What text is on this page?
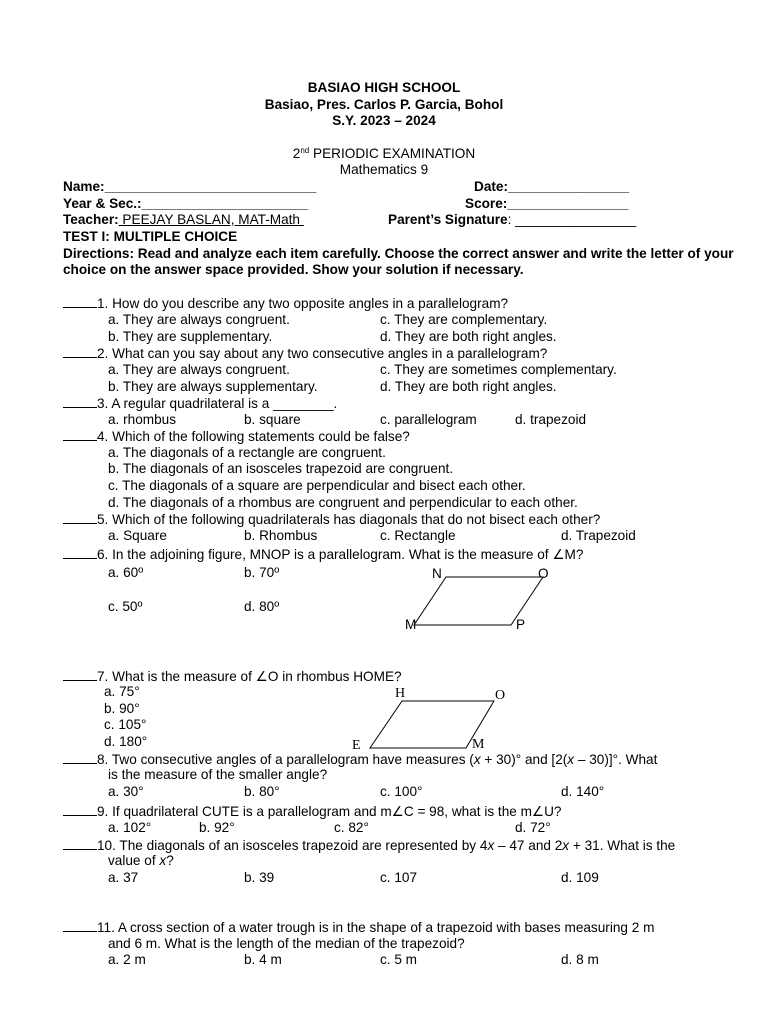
BASIAO HIGH SCHOOL
Basiao, Pres. Carlos P. Garcia, Bohol
S.Y. 2023 – 2024
2nd PERIODIC EXAMINATION
Mathematics 9
Name:____________________________	Date:________________
Year & Sec.:______________________	Score:________________
Teacher: PEEJAY BASLAN, MAT-Math	Parent’s Signature: ________________
TEST I: MULTIPLE CHOICE
Directions: Read and analyze each item carefully. Choose the correct answer and write the letter of your
choice on the answer space provided. Show your solution if necessary.
1. How do you describe any two opposite angles in a parallelogram?
a. They are always congruent.	c. They are complementary.
b. They are supplementary.	d. They are both right angles.
2. What can you say about any two consecutive angles in a parallelogram?
a. They are always congruent.	c. They are sometimes complementary.
b. They are always supplementary.	d. They are both right angles.
3. A regular quadrilateral is a ________.
a. rhombus	b. square	c. parallelogram	d. trapezoid
4. Which of the following statements could be false?
a. The diagonals of a rectangle are congruent.
b. The diagonals of an isosceles trapezoid are congruent.
c. The diagonals of a square are perpendicular and bisect each other.
d. The diagonals of a rhombus are congruent and perpendicular to each other.
5. Which of the following quadrilaterals has diagonals that do not bisect each other?
a. Square	b. Rhombus	c. Rectangle	d. Trapezoid
6. In the adjoining figure, MNOP is a parallelogram. What is the measure of ∠M?
a. 60º	b. 70º
c. 50º	d. 80º
N	O
M	P
7. What is the measure of ∠O in rhombus HOME?
a. 75°
b. 90°
c. 105°
d. 180°
H	O
E	M
8. Two consecutive angles of a parallelogram have measures (x + 30)° and [2(x – 30)]°. What
is the measure of the smaller angle?
a. 30°	b. 80°	c. 100°	d. 140°
9. If quadrilateral CUTE is a parallelogram and m∠C = 98, what is the m∠U?
a. 102°	b. 92°	c. 82°	d. 72°
10. The diagonals of an isosceles trapezoid are represented by 4x – 47 and 2x + 31. What is the
value of x?
a. 37	b. 39	c. 107	d. 109
11. A cross section of a water trough is in the shape of a trapezoid with bases measuring 2 m
and 6 m. What is the length of the median of the trapezoid?
a. 2 m	b. 4 m	c. 5 m	d. 8 m
